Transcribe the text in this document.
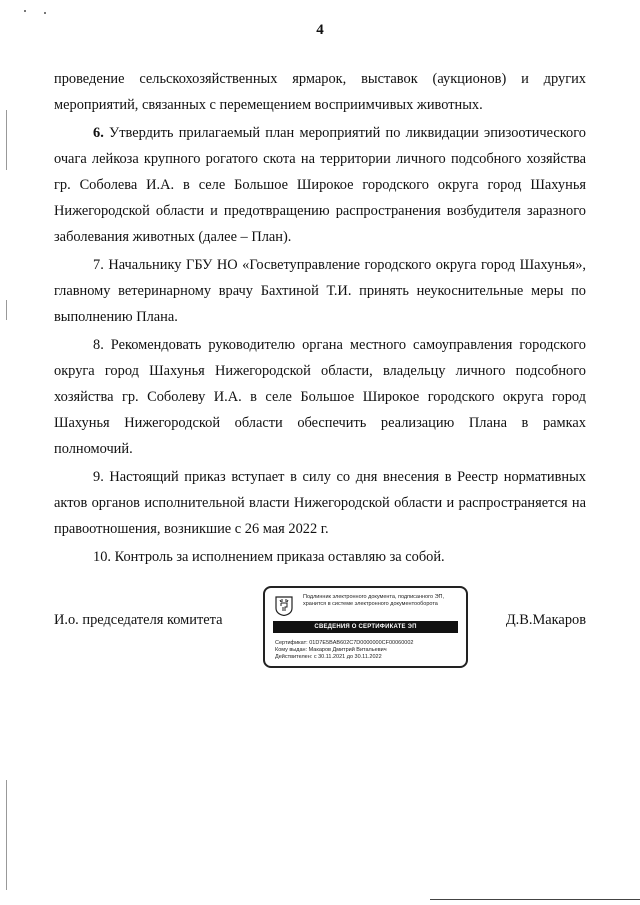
4

проведение сельскохозяйственных ярмарок, выставок (аукционов) и других мероприятий, связанных с перемещением восприимчивых животных.

6. Утвердить прилагаемый план мероприятий по ликвидации эпизоотического очага лейкоза крупного рогатого скота на территории личного подсобного хозяйства гр. Соболева И.А. в селе Большое Широкое городского округа город Шахунья Нижегородской области и предотвращению распространения возбудителя заразного заболевания животных (далее – План).

7. Начальнику ГБУ НО «Госветуправление городского округа город Шахунья», главному ветеринарному врачу Бахтиной Т.И. принять неукоснительные меры по выполнению Плана.

8. Рекомендовать руководителю органа местного самоуправления городского округа город Шахунья Нижегородской области, владельцу личного подсобного хозяйства гр. Соболеву И.А. в селе Большое Широкое городского округа город Шахунья Нижегородской области обеспечить реализацию Плана в рамках полномочий.

9. Настоящий приказ вступает в силу со дня внесения в Реестр нормативных актов органов исполнительной власти Нижегородской области и распространяется на правоотношения, возникшие с 26 мая 2022 г.

10. Контроль за исполнением приказа оставляю за собой.

И.о. председателя комитета
Подлинник электронного документа, подписанного ЭП, хранится в системе электронного документооборота
СВЕДЕНИЯ О СЕРТИФИКАТЕ ЭП
Сертификат: 01D7E5BAB602C7D0000000CF00060002
Кому выдан: Макаров Дмитрий Витальевич
Действителен: с 30.11.2021 до 30.11.2022
Д.В.Макаров
